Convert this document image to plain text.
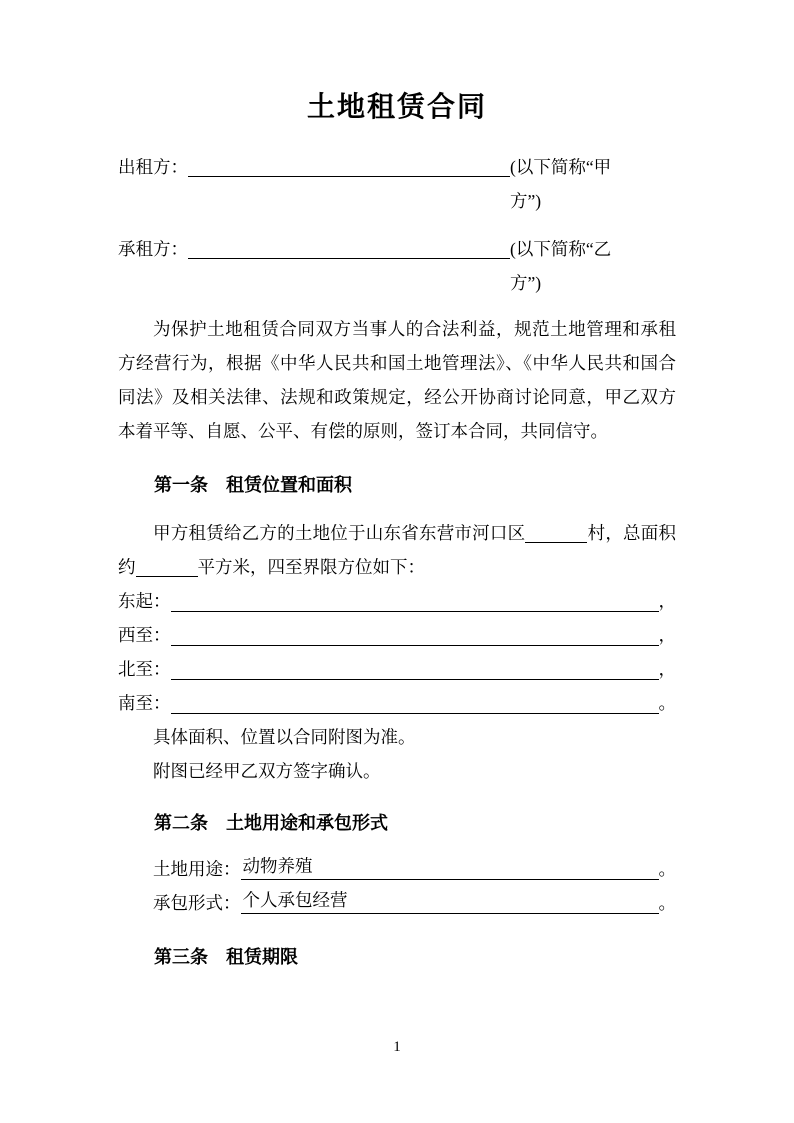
土地租赁合同
出租方：	(以下简称“甲方”)
承租方：	(以下简称“乙方”)

为保护土地租赁合同双方当事人的合法利益，规范土地管理和承租方经营行为，根据《中华人民共和国土地管理法》、《中华人民共和国合同法》及相关法律、法规和政策规定，经公开协商讨论同意，甲乙双方本着平等、自愿、公平、有偿的原则，签订本合同，共同信守。

第一条　租赁位置和面积

甲方租赁给乙方的土地位于山东省东营市河口区	村，总面积约	平方米，四至界限方位如下：

东起：	，
西至：	，
北至：	，
南至：	。
具体面积、位置以合同附图为准。
附图已经甲乙双方签字确认。
第二条　土地用途和承包形式
土地用途： 动物养殖	。
承包形式： 个人承包经营	。
第三条　租赁期限
1
